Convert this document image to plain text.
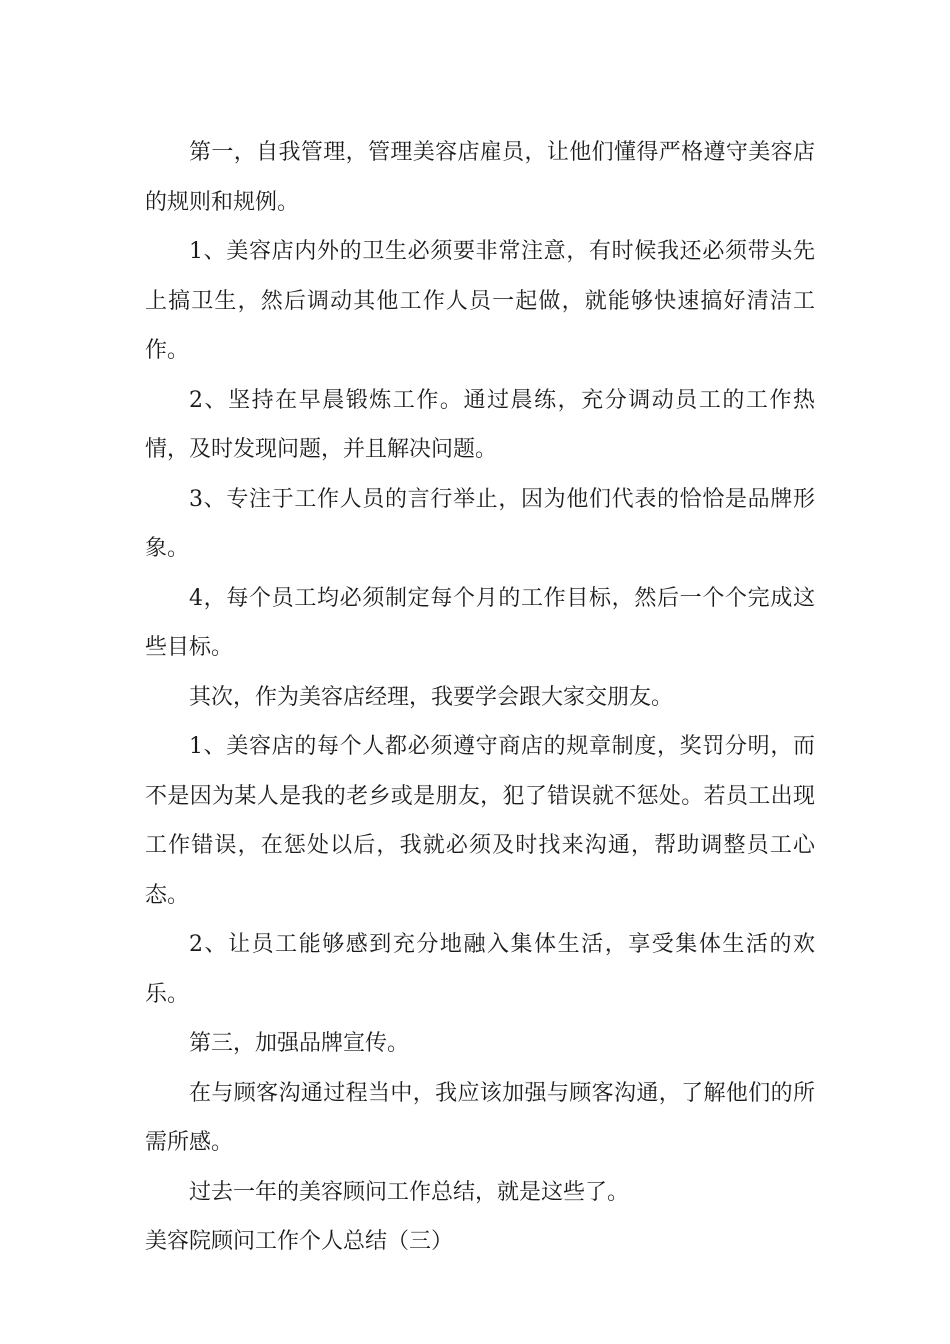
第一，自我管理，管理美容店雇员，让他们懂得严格遵守美容店的规则和规例。

1、美容店内外的卫生必须要非常注意，有时候我还必须带头先上搞卫生，然后调动其他工作人员一起做，就能够快速搞好清洁工作。

2、坚持在早晨锻炼工作。通过晨练，充分调动员工的工作热情，及时发现问题，并且解决问题。

3、专注于工作人员的言行举止，因为他们代表的恰恰是品牌形象。

4，每个员工均必须制定每个月的工作目标，然后一个个完成这些目标。

其次，作为美容店经理，我要学会跟大家交朋友。

1、美容店的每个人都必须遵守商店的规章制度，奖罚分明，而不是因为某人是我的老乡或是朋友，犯了错误就不惩处。若员工出现工作错误，在惩处以后，我就必须及时找来沟通，帮助调整员工心态。

2、让员工能够感到充分地融入集体生活，享受集体生活的欢乐。

第三，加强品牌宣传。

在与顾客沟通过程当中，我应该加强与顾客沟通，了解他们的所需所感。

过去一年的美容顾问工作总结，就是这些了。

美容院顾问工作个人总结（三）
